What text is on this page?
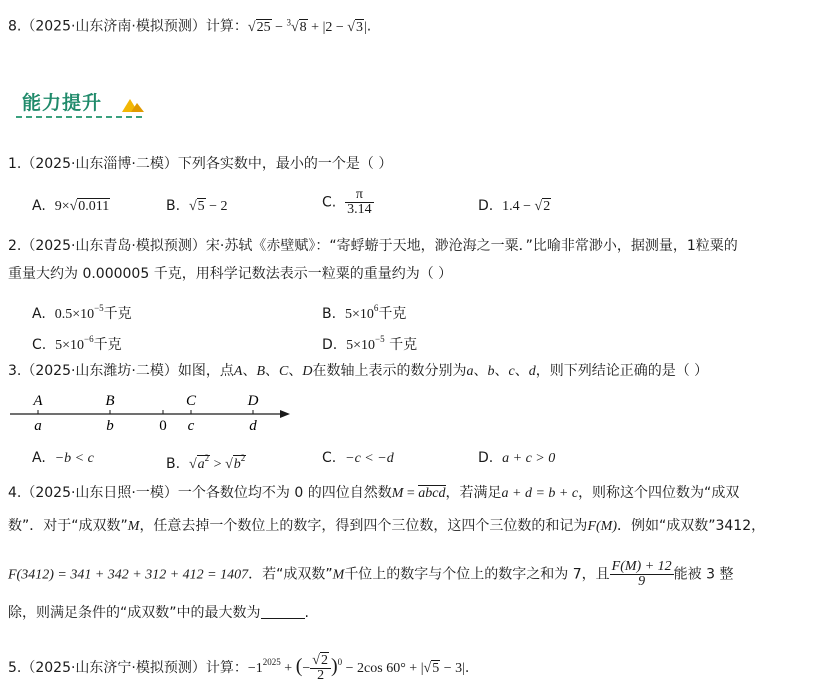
8.（2025·山东济南·模拟预测）计算：√25 − $^3$√8 + |2 − √3|.
能力提升
1.（2025·山东淄博·二模）下列各实数中，最小的一个是（ ）
A. 9×√0.011	B. √5 − 2	C. $\frac{\pi}{3.14}$	D. 1.4 − √2
2.（2025·山东青岛·模拟预测）宋·苏轼《赤壁赋》：“寄蜉蝣于天地，渺沧海之一粟．”比喻非常渺小，据测量，1粒粟的
重量大约为 0.000005 千克，用科学记数法表示一粒粟的重量约为（ ）
A. $0.5\times 10^{-5}$千克	B. $5\times 10^6$千克
C. $5\times 10^{-6}$千克	D. $5\times 10^{-5}$ 千克
3.（2025·山东潍坊·二模）如图，点A、B、C、D在数轴上表示的数分别为a、b、c、d，则下列结论正确的是（ ）
A	B	C	D
a	b	0 c	d
A. −b < c	B. $√a^2 > √b^2$	C. −c < −d	D. a + c > 0
4.（2025·山东日照·一模）一个各数位均不为 0 的四位自然数M = abcd，若满足a + d = b + c，则称这个四位数为“成双
数”．对于“成双数”M，任意去掉一个数位上的数字，得到四个三位数，这四个三位数的和记为F(M)．例如“成双数”3412，
F(3412) = 341 + 342 + 312 + 412 = 1407．若“成双数”M千位上的数字与个位上的数字之和为 7，且 $\frac{F(M) + 12}{9}$ 能被 3 整
除，则满足条件的“成双数”中的最大数为	.
5.（2025·山东济宁·模拟预测）计算：$-1^{2025}$ + (− $\frac{√2}{2} )^0 - 2\cos$ 60° + |√5 − 3|.
